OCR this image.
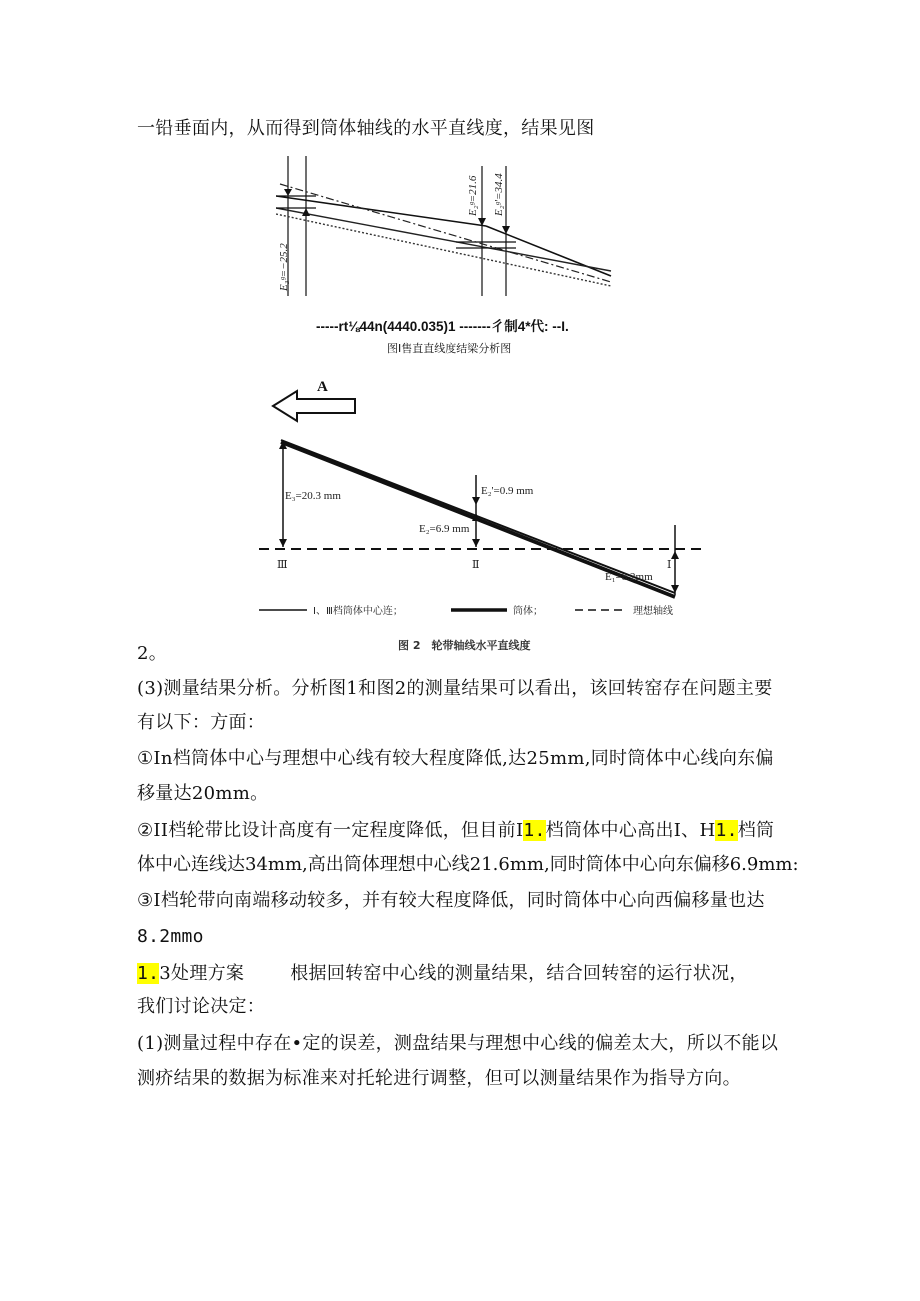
一铅垂面内，从而得到筒体轴线的水平直线度，结果见图
E₃ᵍ=−25.2
E₂ᵍ=21.6 E₂ᵍ'=34.4
-----rt⅛44n(4440.035)1 -------彳制4*代: --I.
图Ⅰ售直直线度结梁分析图
A
E₃=20.3 mm	E₂'=0.9 mm
E₂=6.9 mm
E₁=8.2mm
Ⅲ	Ⅱ	Ⅰ
Ⅰ、Ⅲ档筒体中心连；	筒体；	理想轴线
图 2　轮带轴线水平直线度
2。
(3)测量结果分析。分析图1和图2的测量结果可以看出，该回转窑存在问题主要
有以下：方面：
①In档筒体中心与理想中心线有较大程度降低,达25mm,同时筒体中心线向东偏
移量达20mm。
②II档轮带比设计高度有一定程度降低，但目前I1.档筒体中心高出I、H1.档筒
体中心连线达34mm,高出筒体理想中心线21.6mm,同时筒体中心向东偏移6.9mm:
③I档轮带向南端移动较多，并有较大程度降低，同时筒体中心向西偏移量也达
8.2mmo
1.3处理方案	根据回转窑中心线的测量结果，结合回转窑的运行状况，
我们讨论决定：
(1)测量过程中存在•定的误差，测盘结果与理想中心线的偏差太大，所以不能以
测疥结果的数据为标准来对托轮进行调整，但可以测量结果作为指导方向。
